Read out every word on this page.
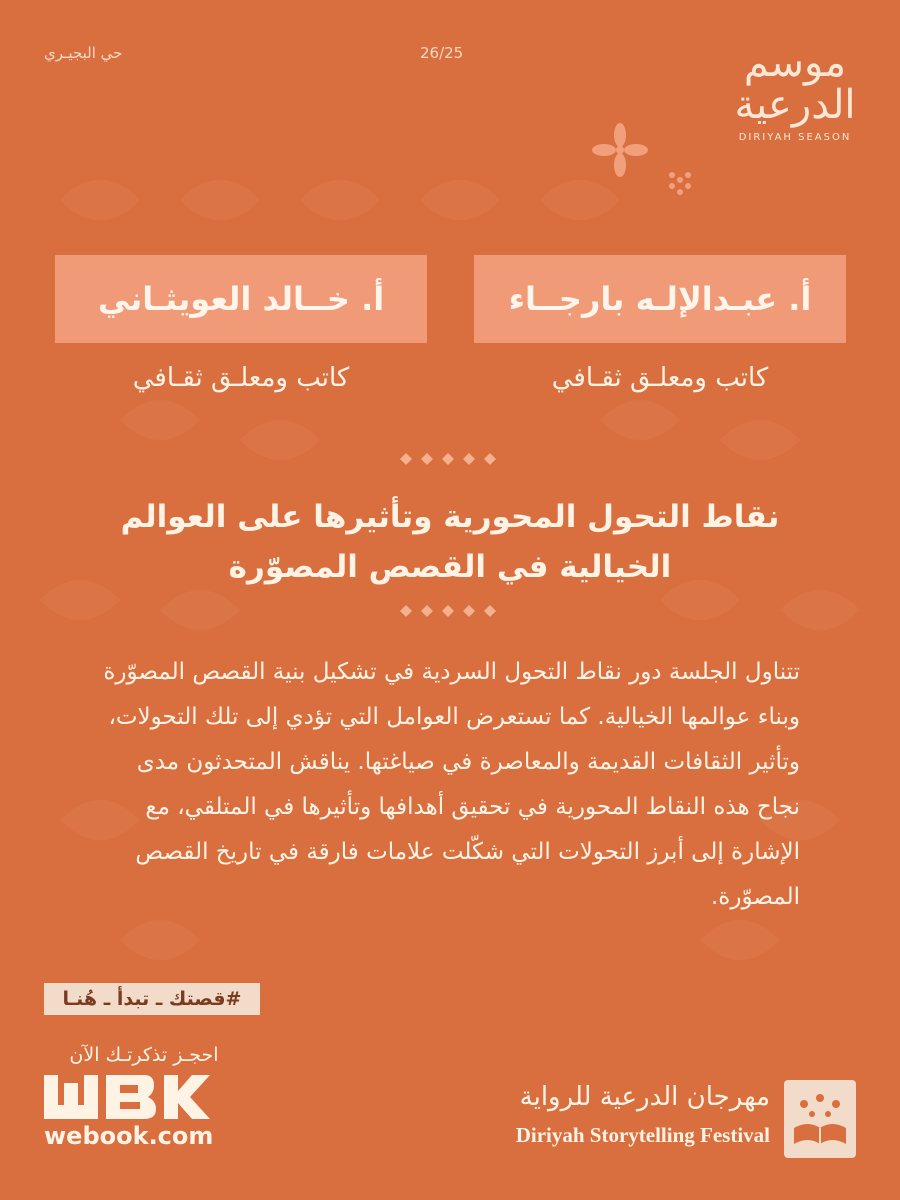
حي البجيـري	26/25	موسم الدرعية
DIRIYAH SEASON
أ. عبـدالإلـه بارجــاء
أ. خــالد العويثـاني
كاتب ومعلـق ثقـافي
كاتب ومعلـق ثقـافي
نقاط التحول المحورية وتأثيرها على العوالم
الخيالية في القصص المصوّرة
تتناول الجلسة دور نقاط التحول السردية في تشكيل بنية القصص المصوّرة وبناء عوالمها الخيالية. كما تستعرض العوامل التي تؤدي إلى تلك التحولات، وتأثير الثقافات القديمة والمعاصرة في صياغتها. يناقش المتحدثون مدى نجاح هذه النقاط المحورية في تحقيق أهدافها وتأثيرها في المتلقي، مع الإشارة إلى أبرز التحولات التي شكّلت علامات فارقة في تاريخ القصص المصوّرة.
#قصتك ـ تبدأ ـ هُنـا
احجـز تذكرتـك الآن
webook.com
مهرجان الدرعية للرواية
Diriyah Storytelling Festival
